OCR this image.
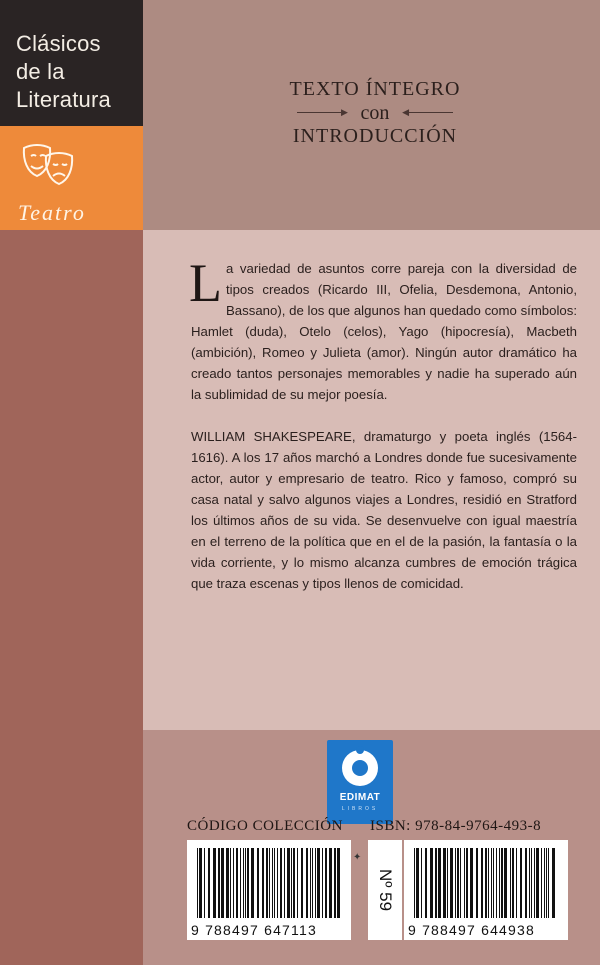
Clásicos
de la
Literatura
Teatro
TEXTO ÍNTEGRO
▶ con ◀
INTRODUCCIÓN

La variedad de asuntos corre pareja con la diversidad de tipos creados (Ricardo III, Ofelia, Desdemona, Antonio, Bassano), de los que algunos han quedado como símbolos: Hamlet (duda), Otelo (celos), Yago (hipocresía), Macbeth (ambición), Romeo y Julieta (amor). Ningún autor dramático ha creado tantos personajes memorables y nadie ha superado aún la sublimidad de su mejor poesía.

WILLIAM SHAKESPEARE, dramaturgo y poeta inglés (1564-1616). A los 17 años marchó a Londres donde fue sucesivamente actor, autor y empresario de teatro. Rico y famoso, compró su casa natal y salvo algunos viajes a Londres, residió en Stratford los últimos años de su vida. Se desenvuelve con igual maestría en el terreno de la política que en el de la pasión, la fantasía o la vida corriente, y lo mismo alcanza cumbres de emoción trágica que traza escenas y tipos llenos de comicidad.

EDIMAT
LIBROS
CÓDIGO COLECCIÓN ISBN: 978-84-9764-493-8
9 788497 647113
✦
Nº 59
9 788497 644938
